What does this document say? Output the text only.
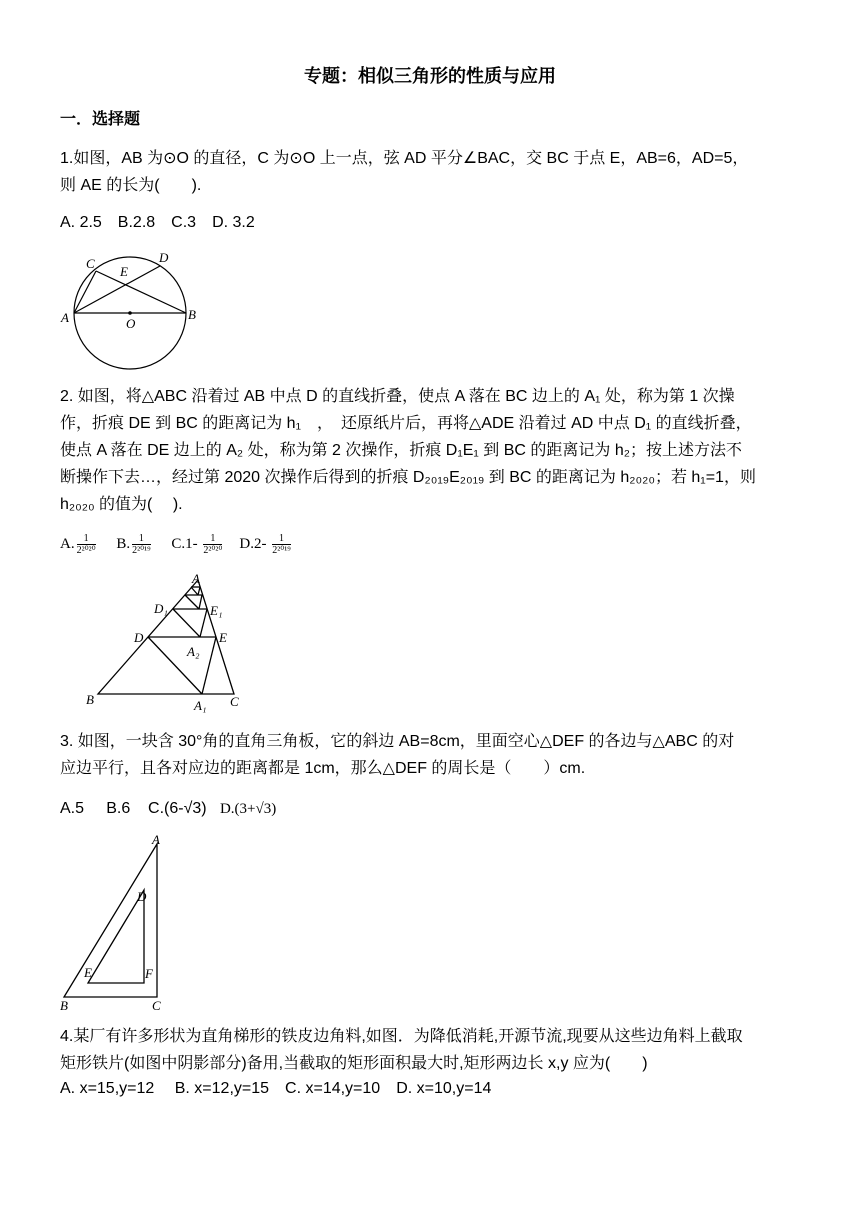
专题：相似三角形的性质与应用
一．选择题
1.如图，AB 为⊙O 的直径，C 为⊙O 上一点，弦 AD 平分∠BAC，交 BC 于点 E，AB=6，AD=5，
则 AE 的长为(　　).
A. 2.5　B.2.8　C.3　D. 3.2
C
E
D
A	O
B
2. 如图，将△ABC 沿着过 AB 中点 D 的直线折叠，使点 A 落在 BC 边上的 A₁ 处，称为第 1 次操
作，折痕 DE 到 BC 的距离记为 h₁　，　还原纸片后，再将△ADE 沿着过 AD 中点 D₁ 的直线折叠，
使点 A 落在 DE 边上的 A₂ 处，称为第 2 次操作，折痕 D₁E₁ 到 BC 的距离记为 h₂；按上述方法不
断操作下去…，经过第 2020 次操作后得到的折痕 D₂₀₁₉E₂₀₁₉ 到 BC 的距离记为 h₂₀₂₀；若 h₁=1，则
h₂₀₂₀ 的值为(　 ).
A. $\frac{1}{\text{2²⁰²⁰}} B$. $\frac{1}{\text{2²⁰¹⁹}} C.1- \frac{1}{\text{2²⁰²⁰}} D.2- \frac{1}{\text{2²⁰¹⁹}}$
A
D₁	E₁
D	E
A₂
B	A₁ C
3. 如图，一块含 30°角的直角三角板，它的斜边 AB=8cm，里面空心△DEF 的各边与△ABC 的对
应边平行，且各对应边的距离都是 1cm，那么△DEF 的周长是（　　）cm.
A.5 B.6 C.(6-√3) D.(3+√3)
A
D
E	F
B	C
4.某厂有许多形状为直角梯形的铁皮边角料,如图．为降低消耗,开源节流,现要从这些边角料上截取
矩形铁片(如图中阴影部分)备用,当截取的矩形面积最大时,矩形两边长 x,y 应为(　　)
A. x=15,y=12　 B. x=12,y=15　C. x=14,y=10　D. x=10,y=14
